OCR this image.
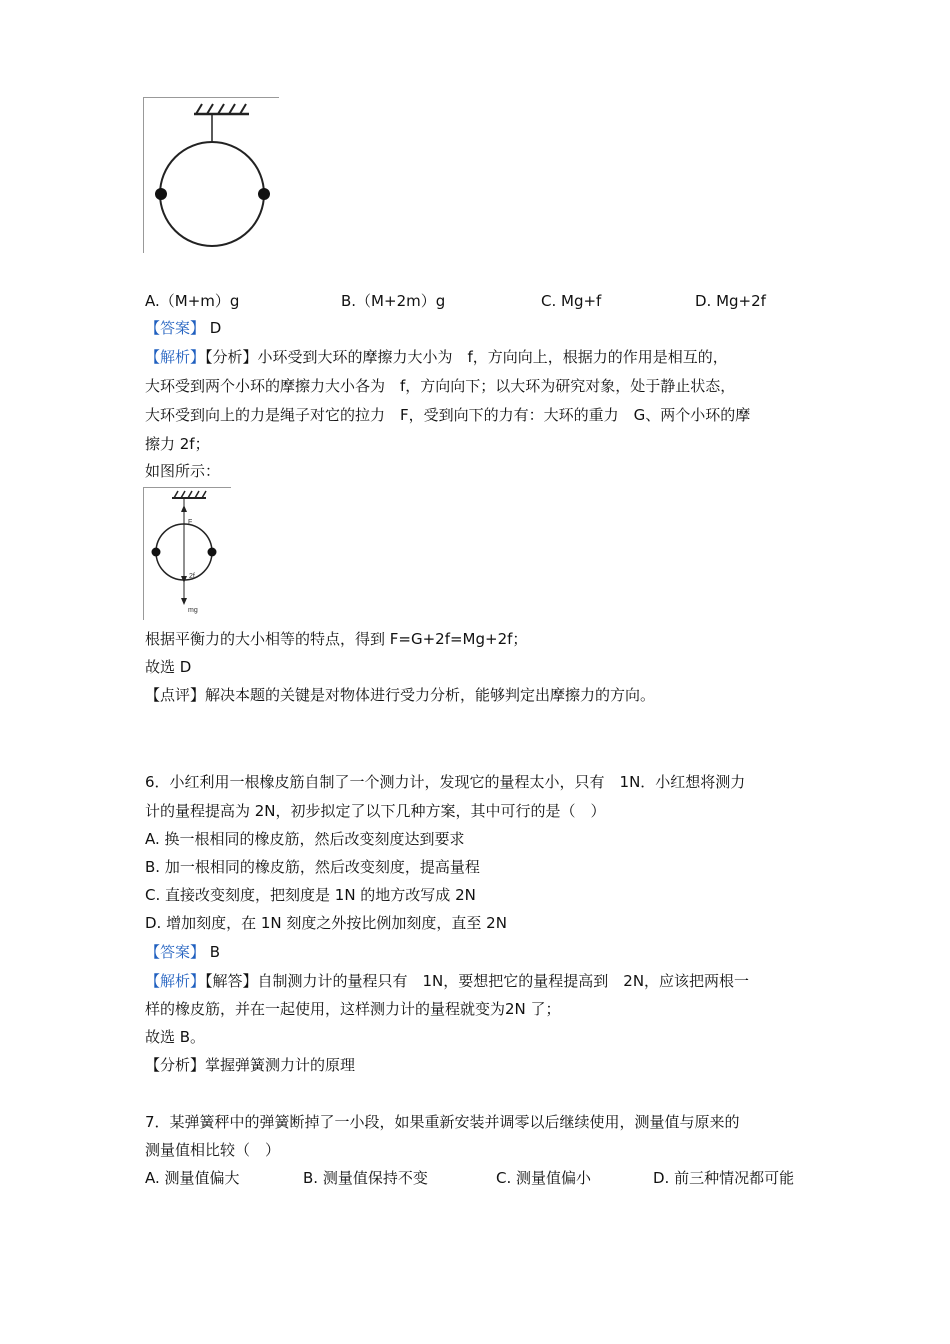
A.（M+m）g	B.（M+2m）g	C. Mg+f	D. Mg+2f
【答案】 D
【解析】【分析】小环受到大环的摩擦力大小为　f，方向向上，根据力的作用是相互的，
大环受到两个小环的摩擦力大小各为　f，方向向下；以大环为研究对象，处于静止状态，
大环受到向上的力是绳子对它的拉力　F，受到向下的力有：大环的重力　G、两个小环的摩
擦力 2f；
如图所示：
F
2f
mg
根据平衡力的大小相等的特点，得到 F=G+2f=Mg+2f；
故选 D
【点评】解决本题的关键是对物体进行受力分析，能够判定出摩擦力的方向。
6．小红利用一根橡皮筋自制了一个测力计，发现它的量程太小，只有　1N．小红想将测力
计的量程提高为 2N，初步拟定了以下几种方案，其中可行的是（　）
A. 换一根相同的橡皮筋，然后改变刻度达到要求
B. 加一根相同的橡皮筋，然后改变刻度，提高量程
C. 直接改变刻度，把刻度是 1N 的地方改写成 2N
D. 增加刻度，在 1N 刻度之外按比例加刻度，直至 2N
【答案】 B
【解析】【解答】自制测力计的量程只有　1N，要想把它的量程提高到　2N，应该把两根一
样的橡皮筋，并在一起使用，这样测力计的量程就变为2N 了；
故选 B。
【分析】掌握弹簧测力计的原理
7．某弹簧秤中的弹簧断掉了一小段，如果重新安装并调零以后继续使用，测量值与原来的
测量值相比较（　）
A. 测量值偏大	B. 测量值保持不变	C. 测量值偏小	D. 前三种情况都可能
